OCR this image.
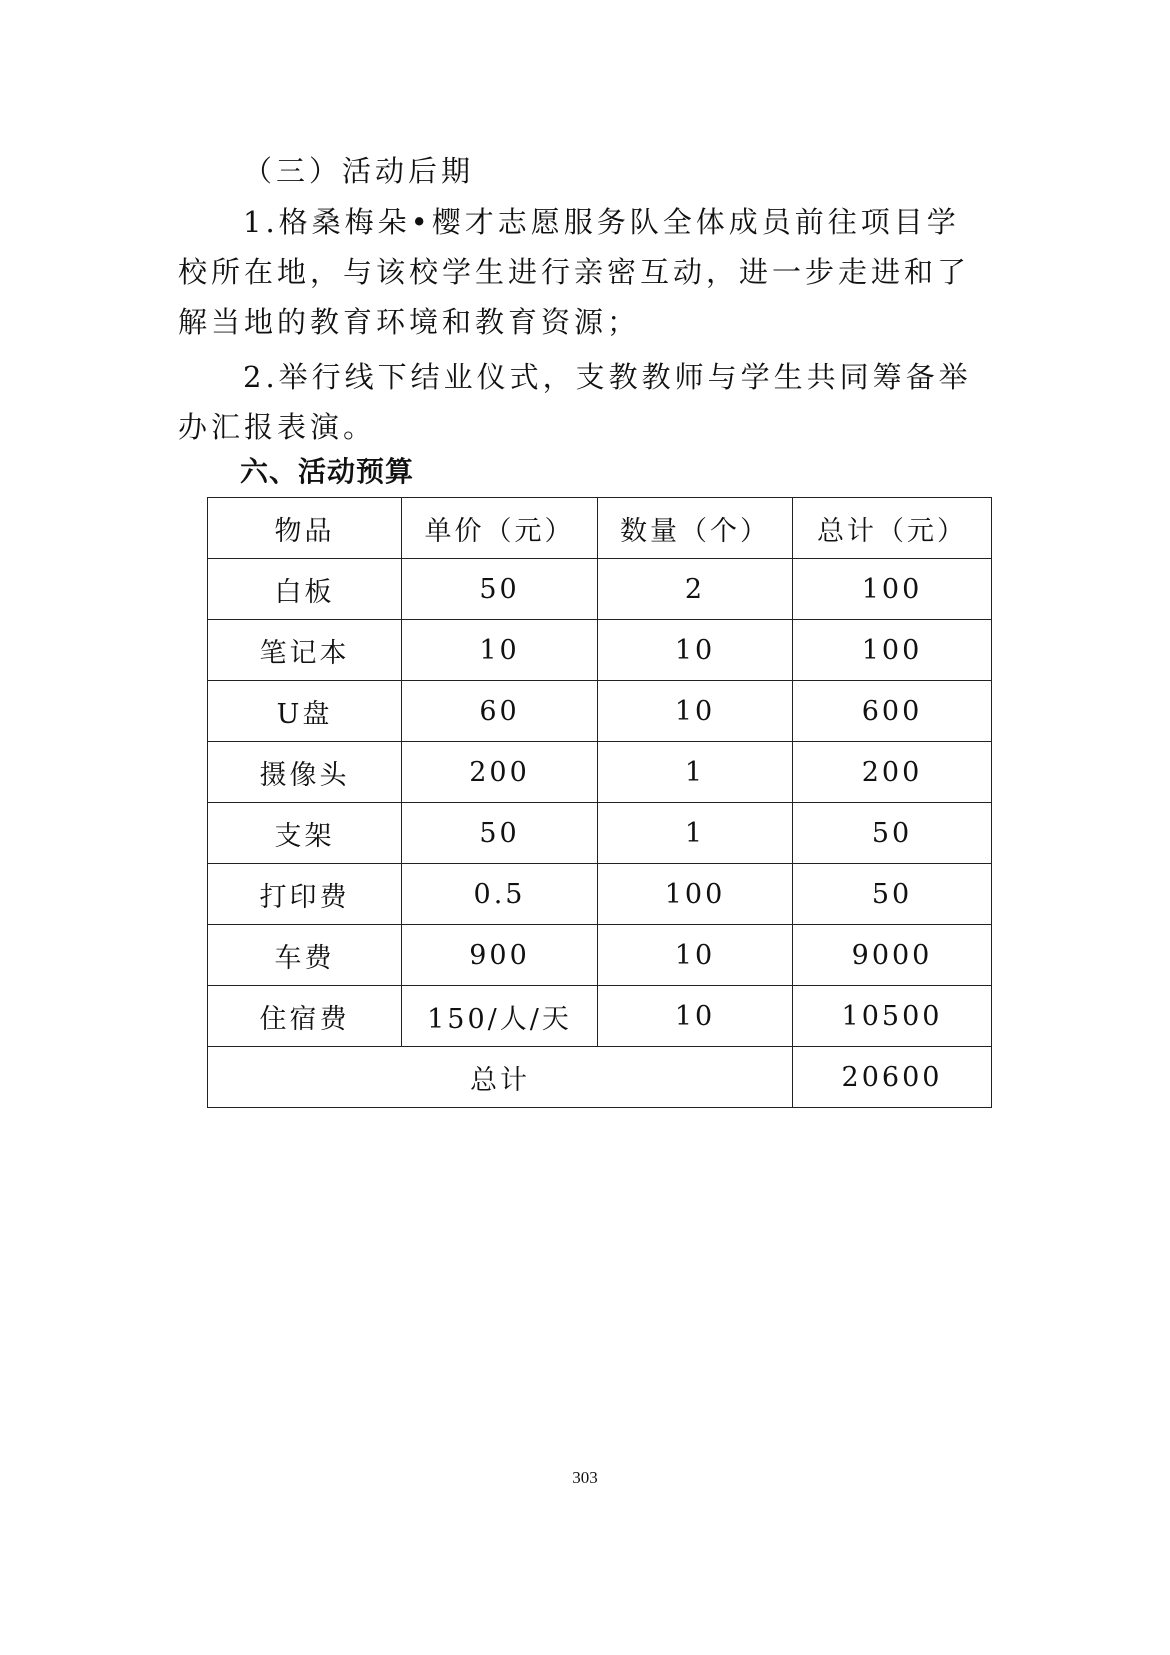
（三）活动后期
1.格桑梅朵•樱才志愿服务队全体成员前往项目学校所在地，与该校学生进行亲密互动，进一步走进和了解当地的教育环境和教育资源；
2.举行线下结业仪式，支教教师与学生共同筹备举办汇报表演。
六、活动预算
物品	单价（元）	数量（个）	总计（元）
白板	50	2	100
笔记本	10	10	100
U盘	60	10	600
摄像头	200	1	200
支架	50	1	50
打印费	0.5	100	50
车费	900	10	9000
住宿费	150/人/天	10	10500
总计			20600
303
